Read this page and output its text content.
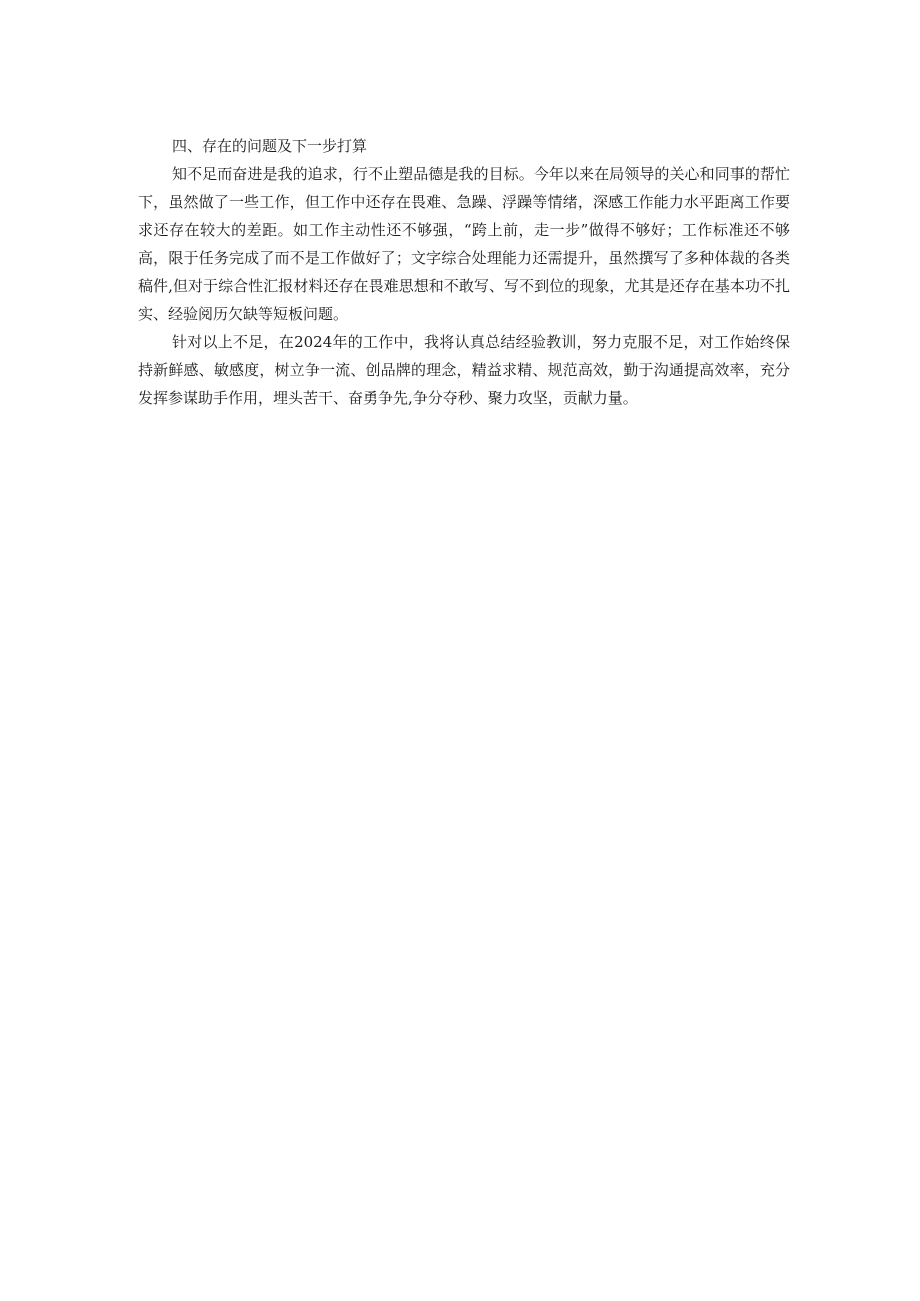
四、存在的问题及下一步打算

知不足而奋进是我的追求，行不止塑品德是我的目标。今年以来在局领导的关心和同事的帮忙下，虽然做了一些工作，但工作中还存在畏难、急躁、浮躁等情绪，深感工作能力水平距离工作要求还存在较大的差距。如工作主动性还不够强，“跨上前，走一步”做得不够好；工作标准还不够高，限于任务完成了而不是工作做好了；文字综合处理能力还需提升，虽然撰写了多种体裁的各类稿件,但对于综合性汇报材料还存在畏难思想和不敢写、写不到位的现象，尤其是还存在基本功不扎实、经验阅历欠缺等短板问题。

针对以上不足，在2024年的工作中，我将认真总结经验教训，努力克服不足，对工作始终保持新鲜感、敏感度，树立争一流、创品牌的理念，精益求精、规范高效，勤于沟通提高效率，充分发挥参谋助手作用，埋头苦干、奋勇争先,争分夺秒、聚力攻坚，贡献力量。
